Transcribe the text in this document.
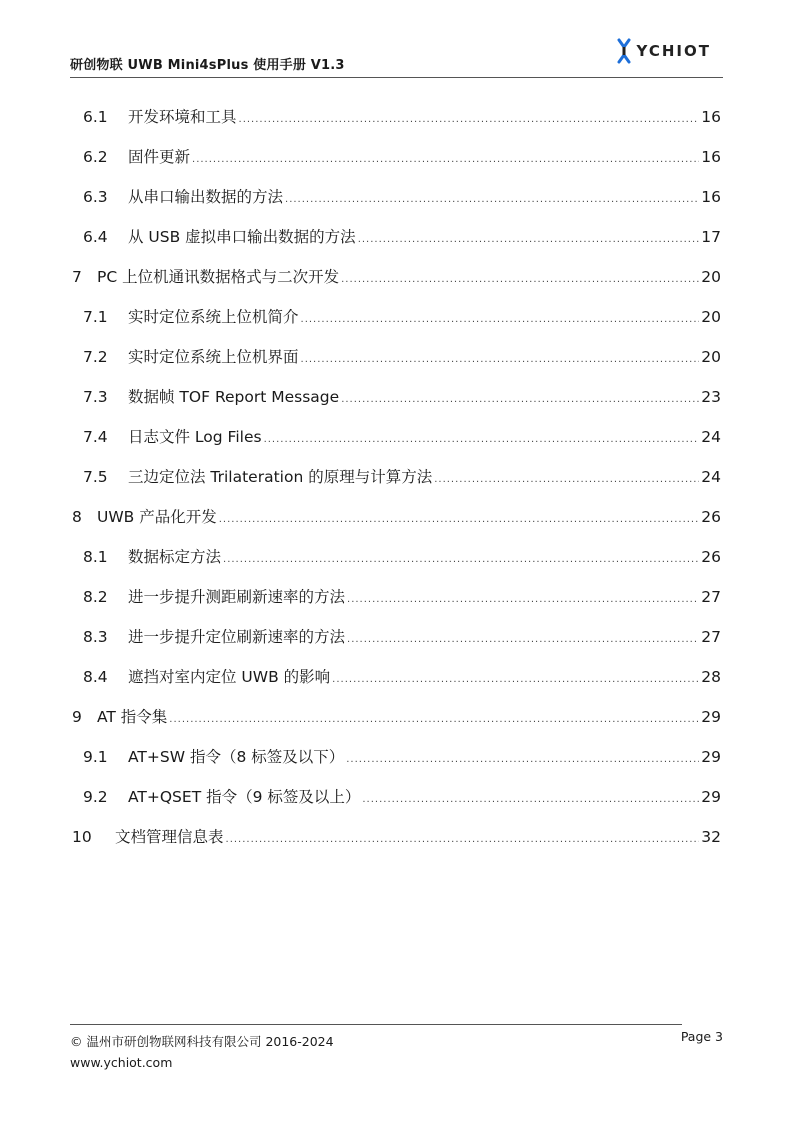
研创物联 UWB Mini4sPlus 使用手册 V1.3
YCHIOT
6.1	开发环境和工具 .....	16
6.2	固件更新 .....	16
6.3	从串口输出数据的方法 .....	16
6.4	从 USB 虚拟串口输出数据的方法 .....	17
7 PC 上位机通讯数据格式与二次开发 .....	20
7.1	实时定位系统上位机简介 .....	20
7.2	实时定位系统上位机界面 .....	20
7.3	数据帧 TOF Report Message .....	23
7.4	日志文件 Log Files .....	24
7.5	三边定位法 Trilateration 的原理与计算方法 .....	24
8 UWB 产品化开发 .....	26
8.1	数据标定方法 .....	26
8.2	进一步提升测距刷新速率的方法 .....	27
8.3	进一步提升定位刷新速率的方法 .....	27
8.4	遮挡对室内定位 UWB 的影响 .....	28
9 AT 指令集 .....	29
9.1	AT+SW 指令（8 标签及以下） .....	29
9.2	AT+QSET 指令（9 标签及以上） .....	29
10	文档管理信息表 .....	32
© 温州市研创物联网科技有限公司 2016-2024
www.ychiot.com
Page 3
